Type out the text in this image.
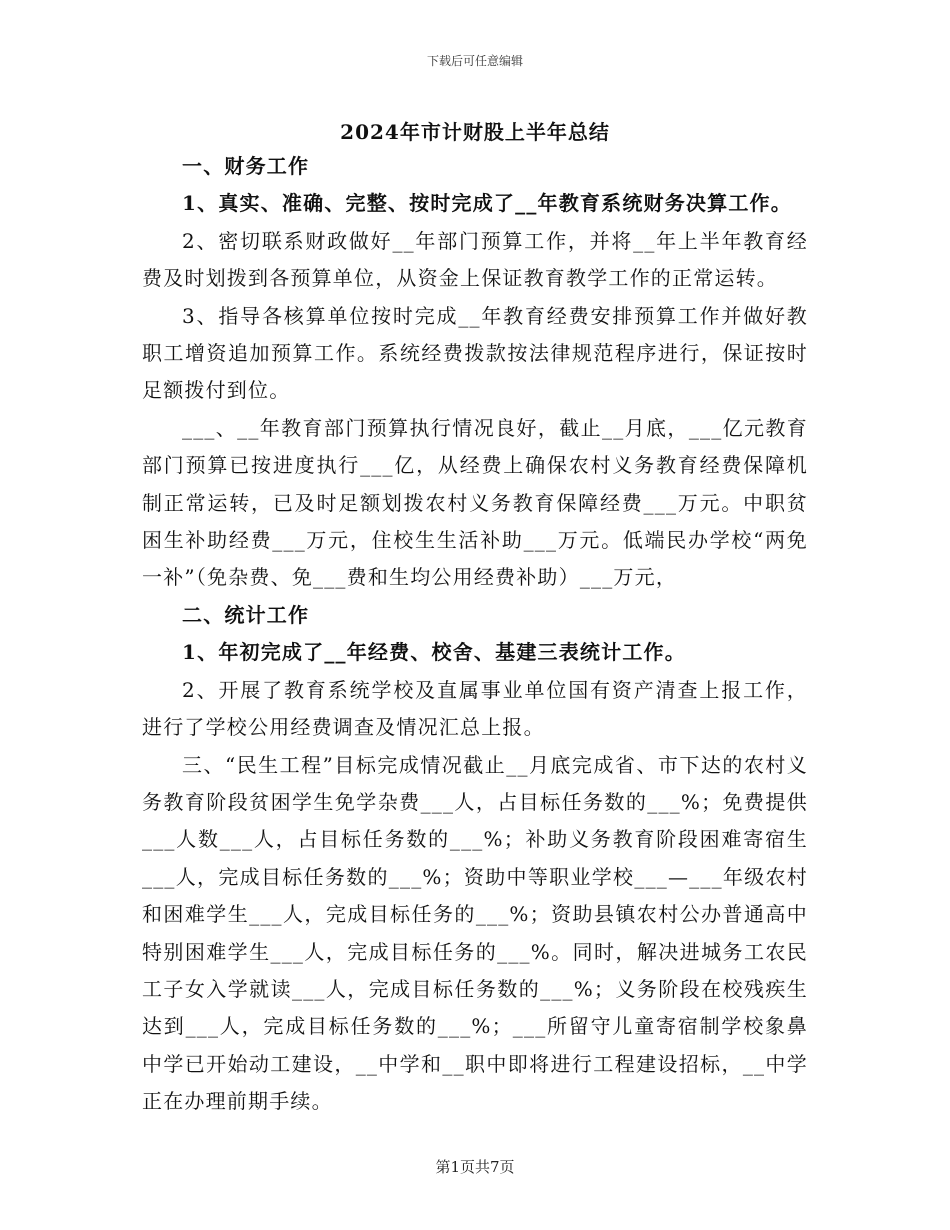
下载后可任意编辑
2024年市计财股上半年总结

一、财务工作

1、真实、准确、完整、按时完成了__年教育系统财务决算工作。

2、密切联系财政做好__年部门预算工作，并将__年上半年教育经费及时划拨到各预算单位，从资金上保证教育教学工作的正常运转。

3、指导各核算单位按时完成__年教育经费安排预算工作并做好教职工增资追加预算工作。系统经费拨款按法律规范程序进行，保证按时足额拨付到位。

___、__年教育部门预算执行情况良好，截止__月底，___亿元教育部门预算已按进度执行___亿，从经费上确保农村义务教育经费保障机制正常运转，已及时足额划拨农村义务教育保障经费___万元。中职贫困生补助经费___万元，住校生生活补助___万元。低端民办学校“两免一补”（免杂费、免___费和生均公用经费补助）___万元，

二、统计工作

1、年初完成了__年经费、校舍、基建三表统计工作。

2、开展了教育系统学校及直属事业单位国有资产清查上报工作，进行了学校公用经费调查及情况汇总上报。

三、“民生工程”目标完成情况截止__月底完成省、市下达的农村义务教育阶段贫困学生免学杂费___人，占目标任务数的___%；免费提供___人数___人，占目标任务数的___%；补助义务教育阶段困难寄宿生___人，完成目标任务数的___%；资助中等职业学校___—___年级农村和困难学生___人，完成目标任务的___%；资助县镇农村公办普通高中特别困难学生___人，完成目标任务的___%。同时，解决进城务工农民工子女入学就读___人，完成目标任务数的___%；义务阶段在校残疾生达到___人，完成目标任务数的___%；___所留守儿童寄宿制学校象鼻中学已开始动工建设，__中学和__职中即将进行工程建设招标，__中学正在办理前期手续。

第1页共7页
